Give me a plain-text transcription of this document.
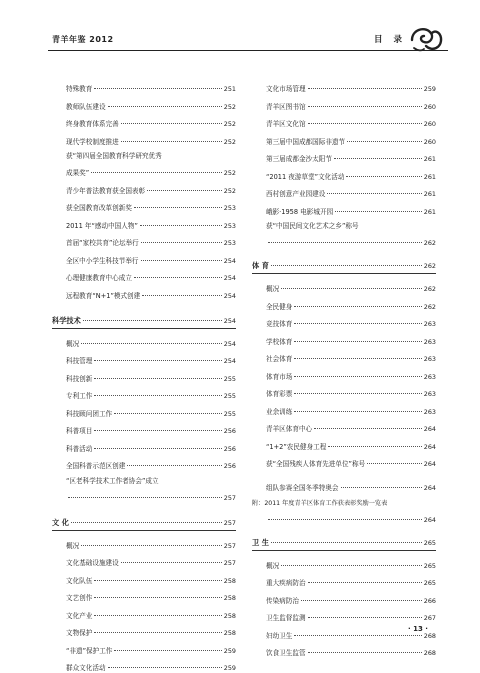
青羊年鉴 2012	目 录
特殊教育	251
教师队伍建设	252
终身教育体系完善	252
现代学校制度推进	252
获“第四届全国教育科学研究优秀
成果奖”	252
青少年普法教育获全国表彰	252
获全国教育改革创新奖	253
2011 年“感动中国人物”	253
首届“家校共育”论坛举行	253
全区中小学生科技节举行	254
心理健康教育中心成立	254
远程教育“N+1”模式创建	254
科学技术	254
概况	254
科技管理	254
科技创新	255
专利工作	255
科技顾问团工作	255
科普项目	256
科普活动	256
全国科普示范区创建	256
“区老科学技术工作者协会”成立
257
文 化	257
概况	257
文化基础设施建设	257
文化队伍	258
文艺创作	258
文化产业	258
文物保护	258
“非遗”保护工作	259
群众文化活动	259
文化市场管理	259
青羊区图书馆	260
青羊区文化馆	260
第三届中国成都国际非遗节	260
第三届成都金沙太阳节	261
“2011 夜游草堂”文化活动	261
西村创意产业园建设	261
峨影·1958 电影城开园	261
获“中国民间文化艺术之乡”称号
262
体 育	262
概况	262
全民健身	262
竞技体育	263
学校体育	263
社会体育	263
体育市场	263
体育彩票	263
业余训练	263
青羊区体育中心	264
“1+2”农民健身工程	264
获“全国残疾人体育先进单位”称号	264
组队参赛全国冬季特奥会	264
附：2011 年度青羊区体育工作获表彰奖励一览表
264
卫 生	265
概况	265
重大疾病防治	265
传染病防治	266
卫生监督监测	267
妇幼卫生	268
饮食卫生监管	268
· 13 ·
